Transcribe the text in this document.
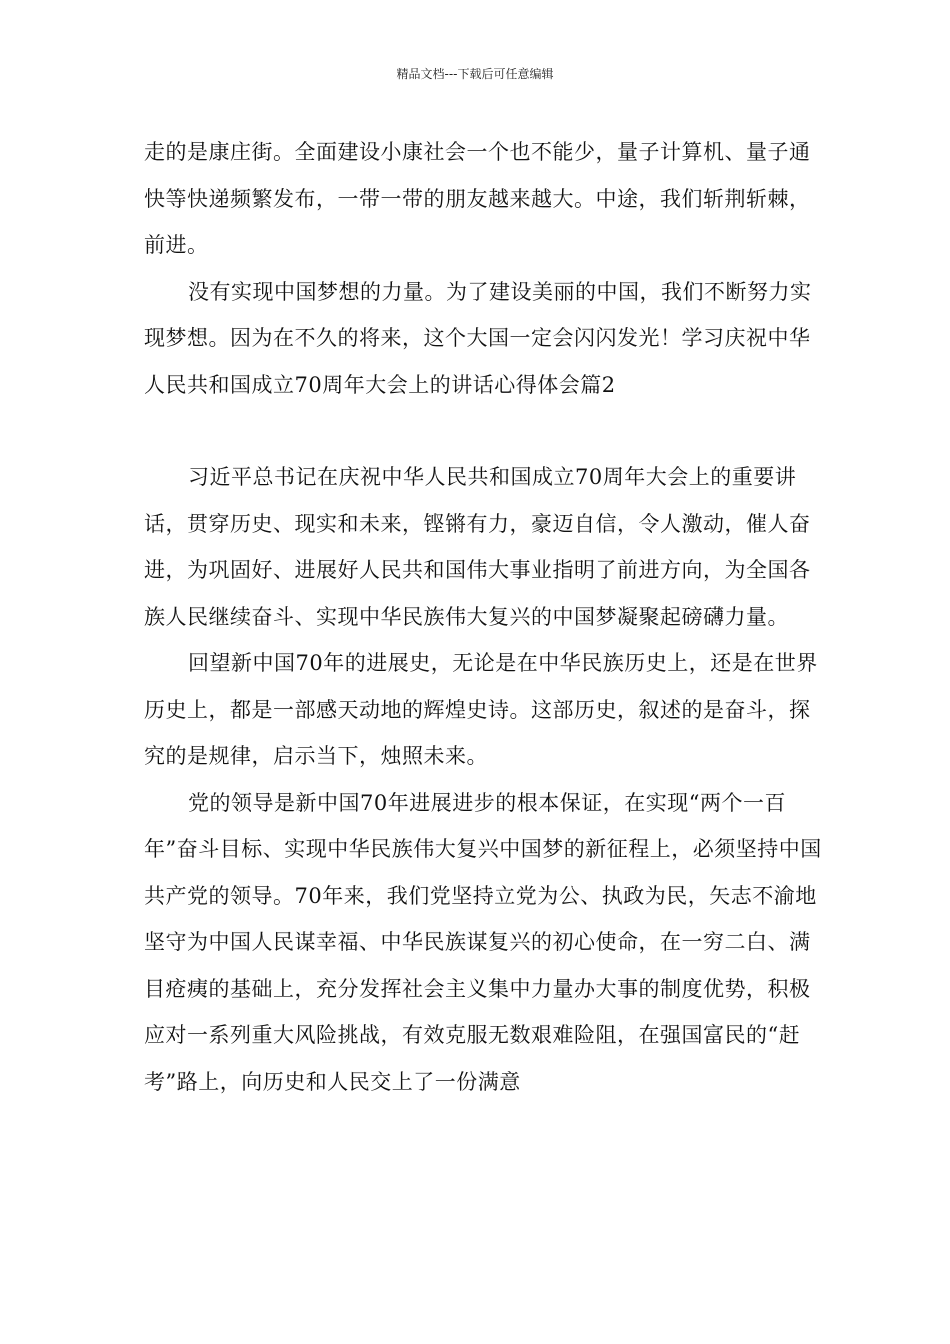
精品文档---下载后可任意编辑

走的是康庄街。全面建设小康社会一个也不能少，量子计算机、量子通快等快递频繁发布，一带一带的朋友越来越大。中途，我们斩荆斩棘，前进。

没有实现中国梦想的力量。为了建设美丽的中国，我们不断努力实现梦想。因为在不久的将来，这个大国一定会闪闪发光！学习庆祝中华人民共和国成立70周年大会上的讲话心得体会篇2

习近平总书记在庆祝中华人民共和国成立70周年大会上的重要讲话，贯穿历史、现实和未来，铿锵有力，豪迈自信，令人激动，催人奋进，为巩固好、进展好人民共和国伟大事业指明了前进方向，为全国各族人民继续奋斗、实现中华民族伟大复兴的中国梦凝聚起磅礴力量。

回望新中国70年的进展史，无论是在中华民族历史上，还是在世界历史上，都是一部感天动地的辉煌史诗。这部历史，叙述的是奋斗，探究的是规律，启示当下，烛照未来。

党的领导是新中国70年进展进步的根本保证，在实现“两个一百年”奋斗目标、实现中华民族伟大复兴中国梦的新征程上，必须坚持中国共产党的领导。70年来，我们党坚持立党为公、执政为民，矢志不渝地坚守为中国人民谋幸福、中华民族谋复兴的初心使命，在一穷二白、满目疮痍的基础上，充分发挥社会主义集中力量办大事的制度优势，积极应对一系列重大风险挑战，有效克服无数艰难险阻，在强国富民的“赶考”路上，向历史和人民交上了一份满意
